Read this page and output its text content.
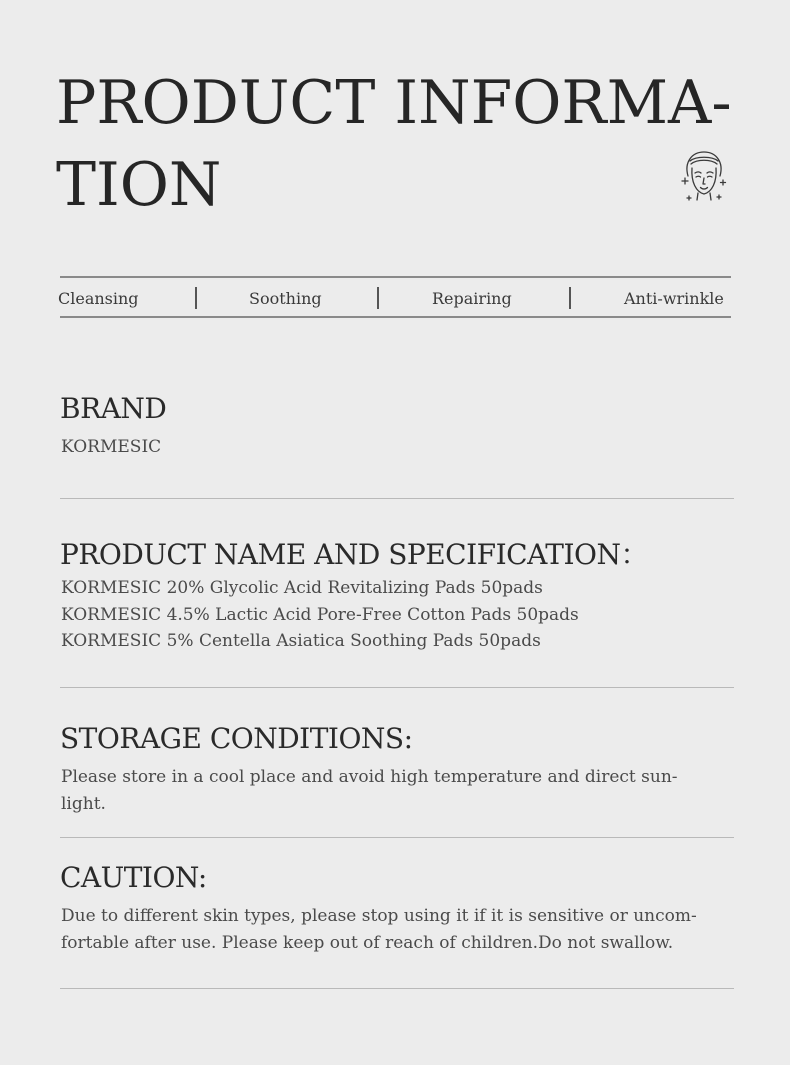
PRODUCT INFORMA-
TION
Cleansing	Soothing	Repairing	Anti-wrinkle
BRAND
KORMESIC
PRODUCT NAME AND SPECIFICATION：
KORMESIC 20% Glycolic Acid Revitalizing Pads 50pads
KORMESIC 4.5% Lactic Acid Pore-Free Cotton Pads 50pads
KORMESIC 5% Centella Asiatica Soothing Pads 50pads
STORAGE CONDITIONS:
Please store in a cool place and avoid high temperature and direct sun-
light.
CAUTION:
Due to different skin types, please stop using it if it is sensitive or uncom-
fortable after use. Please keep out of reach of children.Do not swallow.
